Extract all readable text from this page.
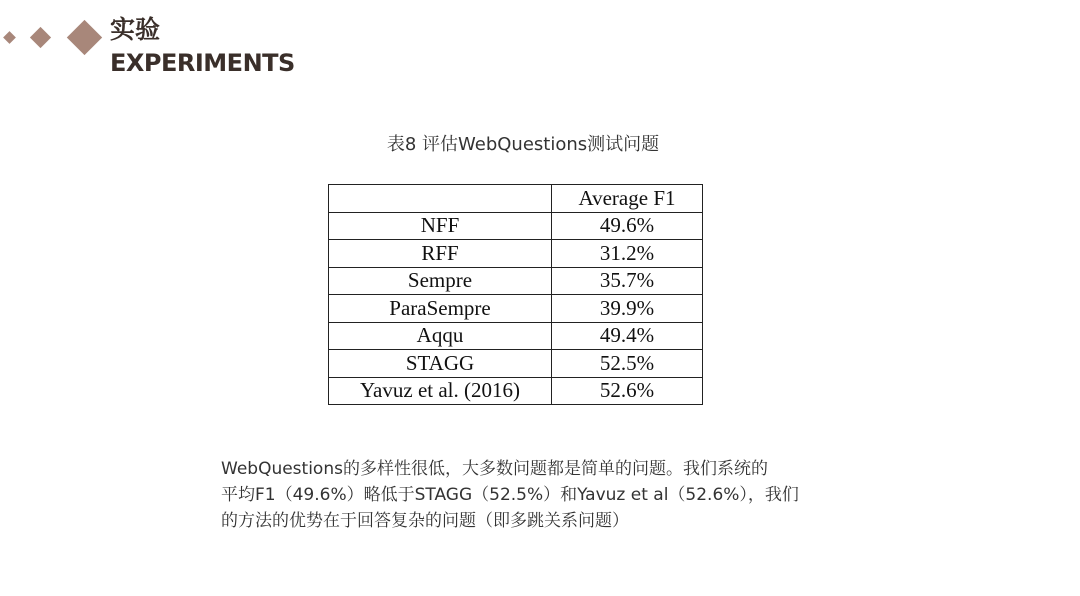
实验
EXPERIMENTS
表8 评估WebQuestions测试问题
	Average F1
NFF	49.6%
RFF	31.2%
Sempre	35.7%
ParaSempre	39.9%
Aqqu	49.4%
STAGG	52.5%
Yavuz et al. (2016)	52.6%
WebQuestions的多样性很低，大多数问题都是简单的问题。我们系统的
平均F1（49.6%）略低于STAGG（52.5%）和Yavuz et al（52.6%），我们
的方法的优势在于回答复杂的问题（即多跳关系问题）
